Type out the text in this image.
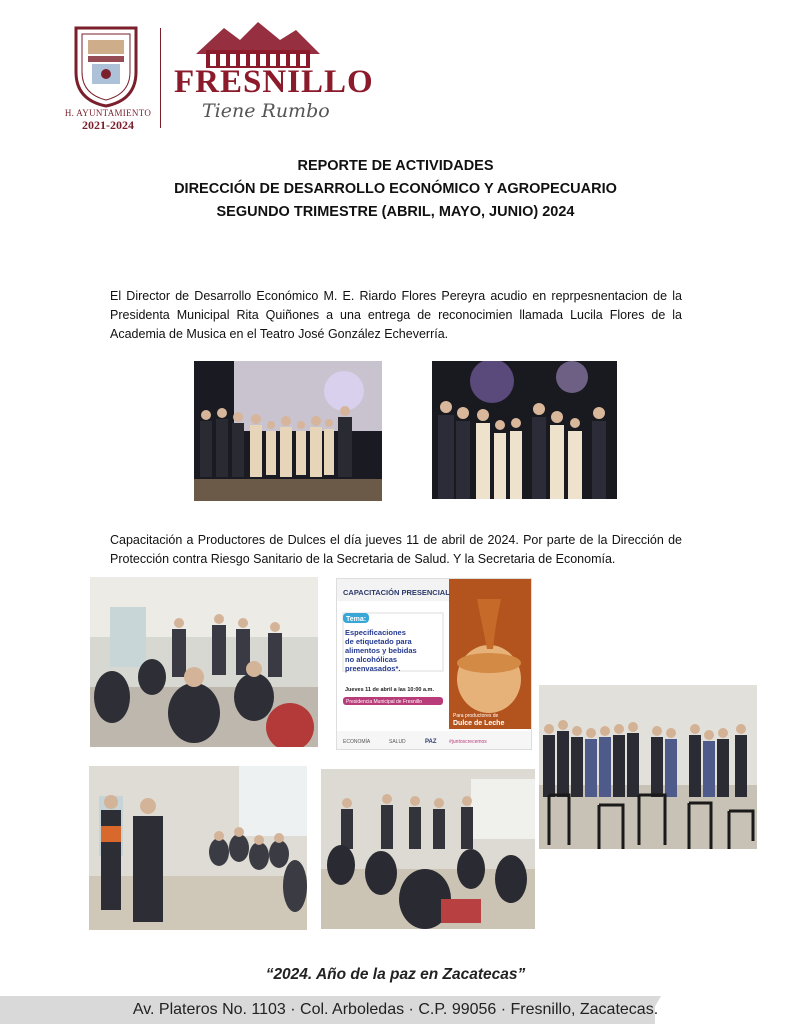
H. AYUNTAMIENTO
2021-2024
FRESNILLO
Tiene Rumbo
REPORTE DE ACTIVIDADES
DIRECCIÓN DE DESARROLLO ECONÓMICO Y AGROPECUARIO
SEGUNDO TRIMESTRE (ABRIL, MAYO, JUNIO) 2024
El Director de Desarrollo Económico M. E. Riardo Flores Pereyra acudio en reprpesnentacion de la Presidenta Municipal Rita Quiñones a una entrega de reconocimien llamada Lucila Flores de la Academia de Musica en el Teatro José González Echeverría.
Capacitación a Productores de Dulces el día jueves 11 de abril de 2024. Por parte de la Dirección de Protección contra Riesgo Sanitario de la Secretaria de Salud. Y la Secretaria de Economía.
CAPACITACIÓN PRESENCIAL
Tema:
Especificaciones
de etiquetado para
alimentos y bebidas
no alcohólicas
preenvasados*.
Jueves 11 de abril a las 10:00 a.m.
Presidencia Municipal de Fresnillo
Para productores de
Dulce de Leche
ECONOMÍA	SALUD	PAZ #juntoscrecemos
“2024. Año de la paz en Zacatecas”
Av. Plateros No. 1103 · Col. Arboledas · C.P. 99056 · Fresnillo, Zacatecas.
